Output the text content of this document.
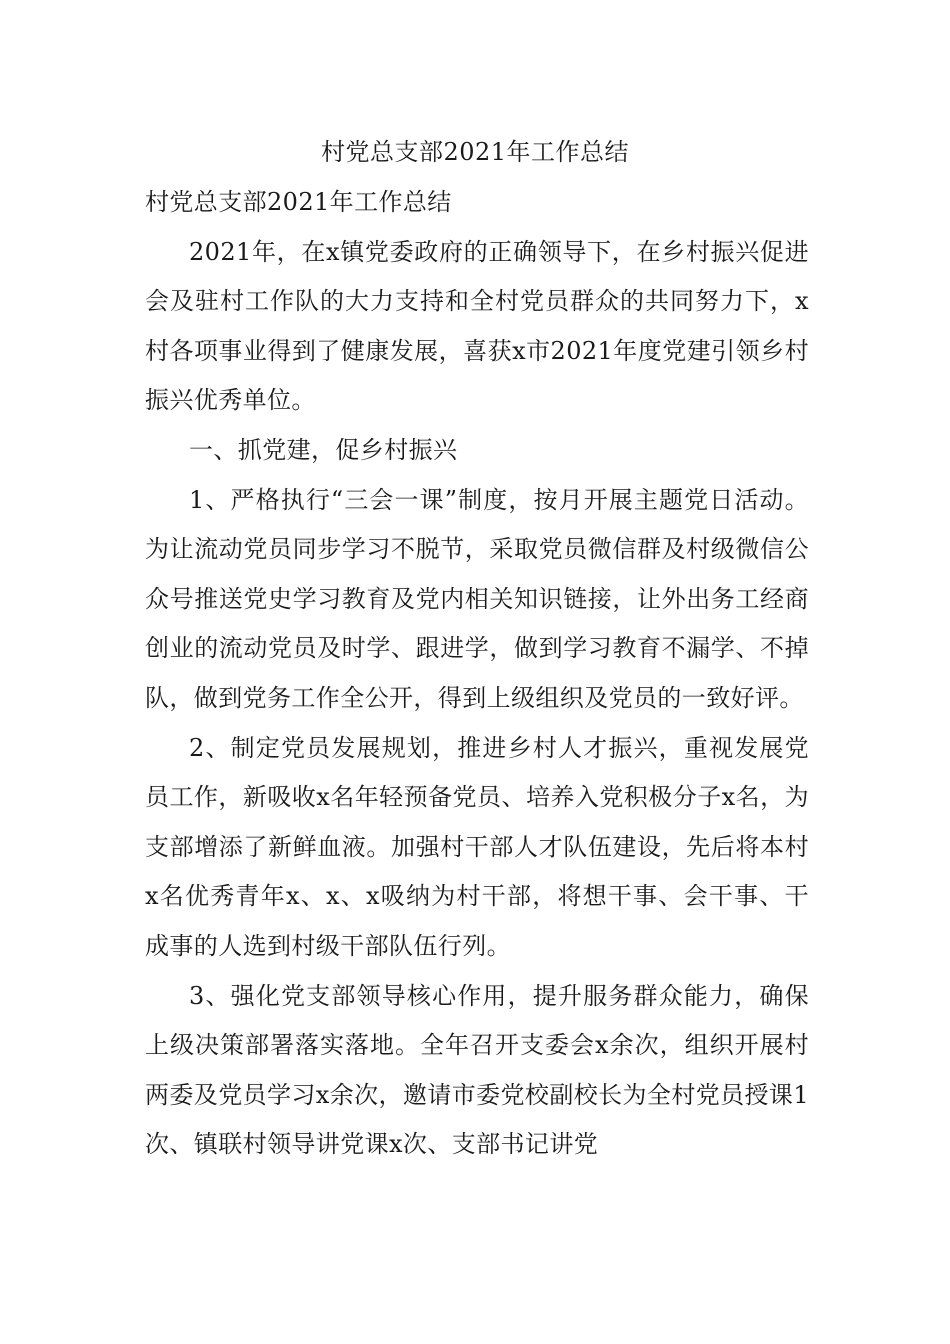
村党总支部2021年工作总结

村党总支部2021年工作总结

2021年，在x镇党委政府的正确领导下，在乡村振兴促进会及驻村工作队的大力支持和全村党员群众的共同努力下，x村各项事业得到了健康发展，喜获x市2021年度党建引领乡村振兴优秀单位。

一、抓党建，促乡村振兴

1、严格执行“三会一课”制度，按月开展主题党日活动。为让流动党员同步学习不脱节，采取党员微信群及村级微信公众号推送党史学习教育及党内相关知识链接，让外出务工经商创业的流动党员及时学、跟进学，做到学习教育不漏学、不掉队，做到党务工作全公开，得到上级组织及党员的一致好评。

2、制定党员发展规划，推进乡村人才振兴，重视发展党员工作，新吸收x名年轻预备党员、培养入党积极分子x名，为支部增添了新鲜血液。加强村干部人才队伍建设，先后将本村x名优秀青年x、x、x吸纳为村干部，将想干事、会干事、干成事的人选到村级干部队伍行列。

3、强化党支部领导核心作用，提升服务群众能力，确保上级决策部署落实落地。全年召开支委会x余次，组织开展村两委及党员学习x余次，邀请市委党校副校长为全村党员授课1次、镇联村领导讲党课x次、支部书记讲党
